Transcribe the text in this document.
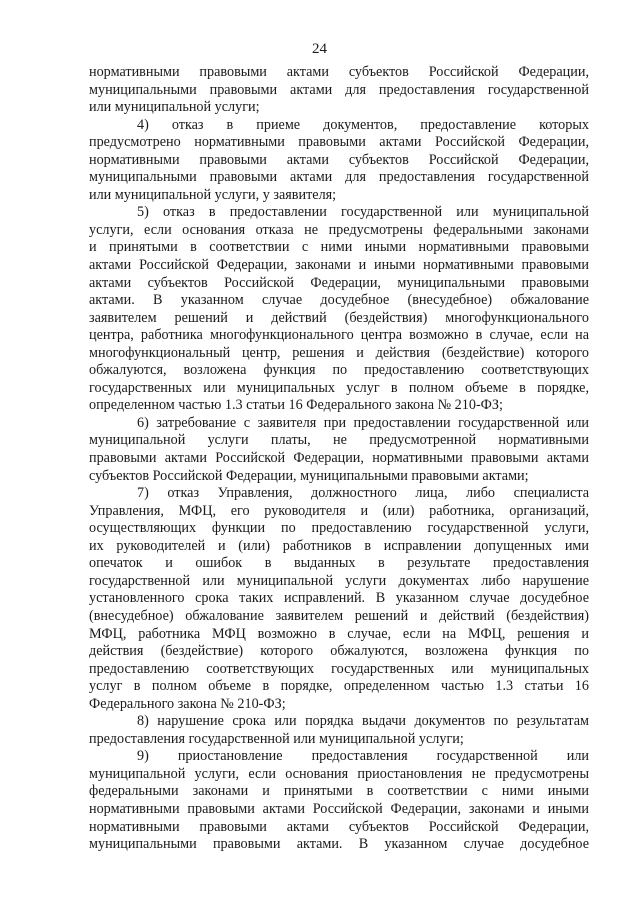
24
нормативными правовыми актами субъектов Российской Федерации,
муниципальными правовыми актами для предоставления государственной
или муниципальной услуги;
4) отказ в приеме документов, предоставление которых
предусмотрено нормативными правовыми актами Российской Федерации,
нормативными правовыми актами субъектов Российской Федерации,
муниципальными правовыми актами для предоставления государственной
или муниципальной услуги, у заявителя;
5) отказ в предоставлении государственной или муниципальной
услуги, если основания отказа не предусмотрены федеральными законами
и принятыми в соответствии с ними иными нормативными правовыми
актами Российской Федерации, законами и иными нормативными правовыми
актами субъектов Российской Федерации, муниципальными правовыми
актами. В указанном случае досудебное (внесудебное) обжалование
заявителем решений и действий (бездействия) многофункционального
центра, работника многофункционального центра возможно в случае, если на
многофункциональный центр, решения и действия (бездействие) которого
обжалуются, возложена функция по предоставлению соответствующих
государственных или муниципальных услуг в полном объеме в порядке,
определенном частью 1.3 статьи 16 Федерального закона № 210-ФЗ;
6) затребование с заявителя при предоставлении государственной или
муниципальной услуги платы, не предусмотренной нормативными
правовыми актами Российской Федерации, нормативными правовыми актами
субъектов Российской Федерации, муниципальными правовыми актами;
7) отказ Управления, должностного лица, либо специалиста
Управления, МФЦ, его руководителя и (или) работника, организаций,
осуществляющих функции по предоставлению государственной услуги,
их руководителей и (или) работников в исправлении допущенных ими
опечаток и ошибок в выданных в результате предоставления
государственной или муниципальной услуги документах либо нарушение
установленного срока таких исправлений. В указанном случае досудебное
(внесудебное) обжалование заявителем решений и действий (бездействия)
МФЦ, работника МФЦ возможно в случае, если на МФЦ, решения и
действия (бездействие) которого обжалуются, возложена функция по
предоставлению соответствующих государственных или муниципальных
услуг в полном объеме в порядке, определенном частью 1.3 статьи 16
Федерального закона № 210-ФЗ;
8) нарушение срока или порядка выдачи документов по результатам
предоставления государственной или муниципальной услуги;
9) приостановление предоставления государственной или
муниципальной услуги, если основания приостановления не предусмотрены
федеральными законами и принятыми в соответствии с ними иными
нормативными правовыми актами Российской Федерации, законами и иными
нормативными правовыми актами субъектов Российской Федерации,
муниципальными правовыми актами. В указанном случае досудебное
